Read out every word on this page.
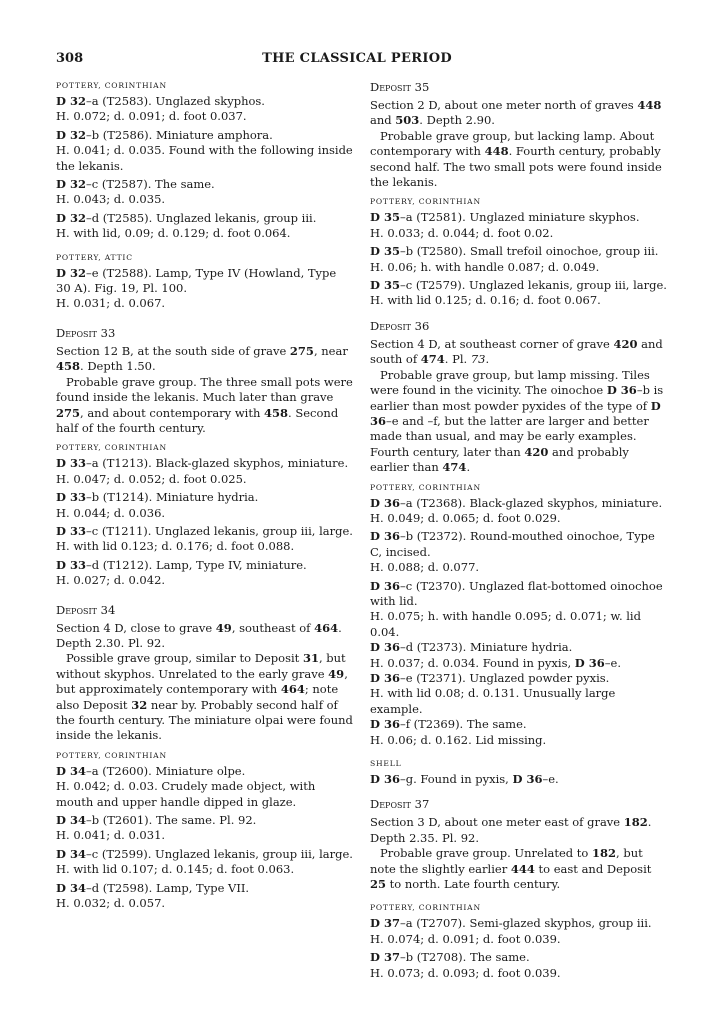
308	THE CLASSICAL PERIOD

POTTERY, CORINTHIAN

D 32–a (T2583). Unglazed skyphos.

H. 0.072; d. 0.091; d. foot 0.037.

D 32–b (T2586). Miniature amphora.

H. 0.041; d. 0.035. Found with the following inside the lekanis.

D 32–c (T2587). The same.

H. 0.043; d. 0.035.

D 32–d (T2585). Unglazed lekanis, group iii.

H. with lid, 0.09; d. 0.129; d. foot 0.064.

POTTERY, ATTIC

D 32–e (T2588). Lamp, Type IV (Howland, Type 30 A). Fig. 19, Pl. 100.

H. 0.031; d. 0.067.

Deposit 33

Section 12 B, at the south side of grave 275, near 458. Depth 1.50.

Probable grave group. The three small pots were found inside the lekanis. Much later than grave 275, and about contemporary with 458. Second half of the fourth century.

POTTERY, CORINTHIAN

D 33–a (T1213). Black-glazed skyphos, miniature.

H. 0.047; d. 0.052; d. foot 0.025.

D 33–b (T1214). Miniature hydria.

H. 0.044; d. 0.036.

D 33–c (T1211). Unglazed lekanis, group iii, large.

H. with lid 0.123; d. 0.176; d. foot 0.088.

D 33–d (T1212). Lamp, Type IV, miniature.

H. 0.027; d. 0.042.

Deposit 34

Section 4 D, close to grave 49, southeast of 464. Depth 2.30. Pl. 92.

Possible grave group, similar to Deposit 31, but without skyphos. Unrelated to the early grave 49, but approximately contemporary with 464; note also Deposit 32 near by. Probably second half of the fourth century. The miniature olpai were found inside the lekanis.

POTTERY, CORINTHIAN

D 34–a (T2600). Miniature olpe.

H. 0.042; d. 0.03. Crudely made object, with mouth and upper handle dipped in glaze.

D 34–b (T2601). The same. Pl. 92.

H. 0.041; d. 0.031.

D 34–c (T2599). Unglazed lekanis, group iii, large.

H. with lid 0.107; d. 0.145; d. foot 0.063.

D 34–d (T2598). Lamp, Type VII.

H. 0.032; d. 0.057.

Deposit 35

Section 2 D, about one meter north of graves 448 and 503. Depth 2.90.

Probable grave group, but lacking lamp. About contemporary with 448. Fourth century, probably second half. The two small pots were found inside the lekanis.

POTTERY, CORINTHIAN

D 35–a (T2581). Unglazed miniature skyphos.

H. 0.033; d. 0.044; d. foot 0.02.

D 35–b (T2580). Small trefoil oinochoe, group iii.

H. 0.06; h. with handle 0.087; d. 0.049.

D 35–c (T2579). Unglazed lekanis, group iii, large.

H. with lid 0.125; d. 0.16; d. foot 0.067.

Deposit 36

Section 4 D, at southeast corner of grave 420 and south of 474. Pl. 73.

Probable grave group, but lamp missing. Tiles were found in the vicinity. The oinochoe D 36–b is earlier than most powder pyxides of the type of D 36–e and –f, but the latter are larger and better made than usual, and may be early examples. Fourth century, later than 420 and probably earlier than 474.

POTTERY, CORINTHIAN

D 36–a (T2368). Black-glazed skyphos, miniature.

H. 0.049; d. 0.065; d. foot 0.029.

D 36–b (T2372). Round-mouthed oinochoe, Type C, incised.

H. 0.088; d. 0.077.

D 36–c (T2370). Unglazed flat-bottomed oinochoe with lid.

H. 0.075; h. with handle 0.095; d. 0.071; w. lid 0.04.

D 36–d (T2373). Miniature hydria.

H. 0.037; d. 0.034. Found in pyxis, D 36–e.

D 36–e (T2371). Unglazed powder pyxis.

H. with lid 0.08; d. 0.131. Unusually large example.

D 36–f (T2369). The same.

H. 0.06; d. 0.162. Lid missing.

SHELL

D 36–g. Found in pyxis, D 36–e.

Deposit 37

Section 3 D, about one meter east of grave 182. Depth 2.35. Pl. 92.

Probable grave group. Unrelated to 182, but note the slightly earlier 444 to east and Deposit 25 to north. Late fourth century.

POTTERY, CORINTHIAN

D 37–a (T2707). Semi-glazed skyphos, group iii.

H. 0.074; d. 0.091; d. foot 0.039.

D 37–b (T2708). The same.

H. 0.073; d. 0.093; d. foot 0.039.
